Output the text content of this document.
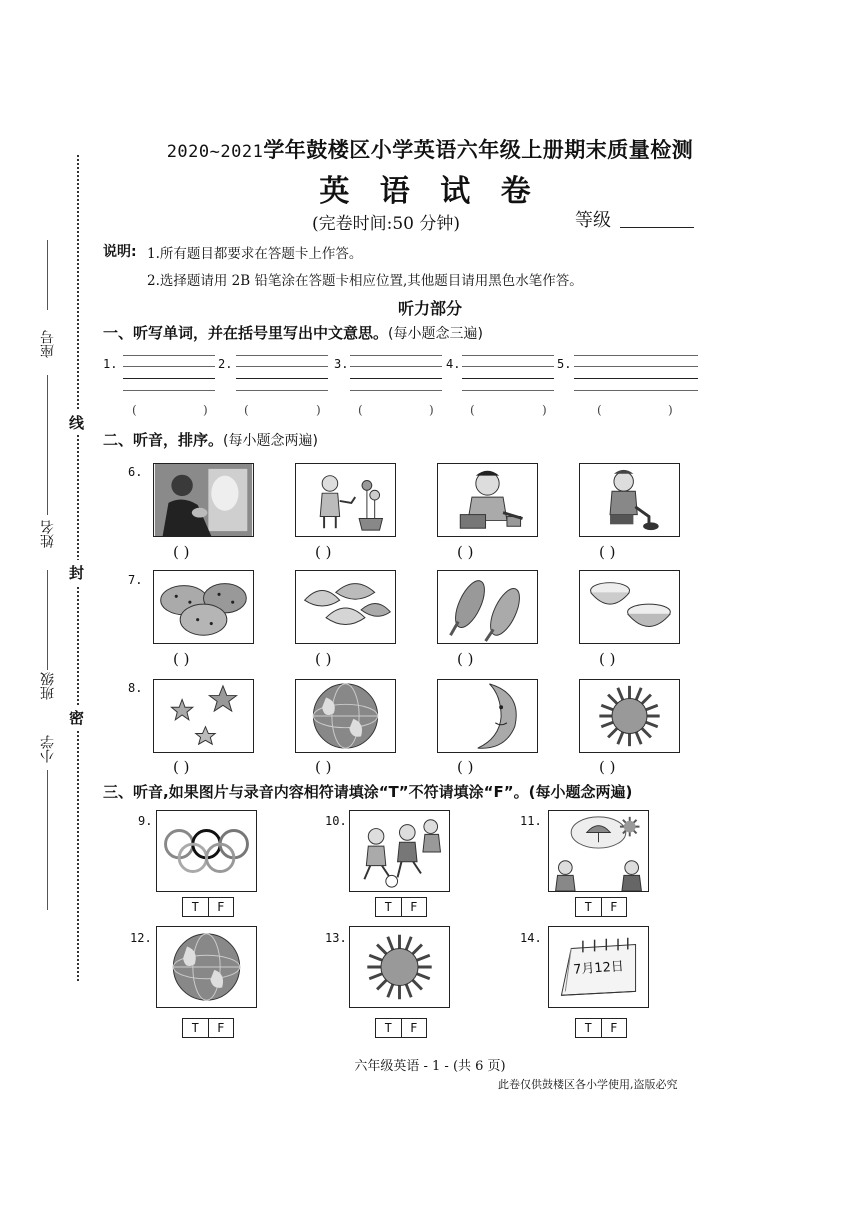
2020~2021学年鼓楼区小学英语六年级上册期末质量检测
英 语 试 卷
(完卷时间:50 分钟)	等级
座号
姓名
班级
小学
线
封
密
说明: 1.所有题目都要求在答题卡上作答。
2.选择题请用 2B 铅笔涂在答题卡相应位置,其他题目请用黑色水笔作答。
听力部分
一、听写单词，并在括号里写出中文意思。(每小题念三遍)
1.
(	)
2.
(	)
3.
(	)
4.
(	)
5.
(	)
二、听音，排序。(每小题念两遍)
6.
( )	( )	( )	( )
7.
( )	( )	( )	( )
8.
( )	( )	( )	( )
三、听音,如果图片与录音内容相符请填涂“T”不符请填涂“F”。(每小题念两遍)
9.
T	F
10.
T	F
11.
T	F
12.
T	F
13.
T	F
14.
7月12日
T	F
六年级英语 - 1 - (共 6 页)
此卷仅供鼓楼区各小学使用,盗版必究
